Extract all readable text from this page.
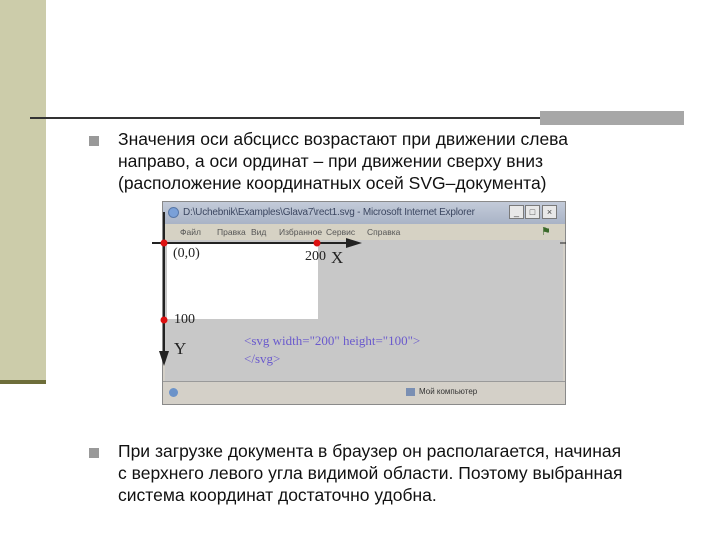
Значения оси абсцисс возрастают при движении слева
направо, а оси ординат – при движении сверху вниз
(расположение координатных осей SVG–документа)
D:\Uchebnik\Examples\Glava7\rect1.svg - Microsoft Internet Explorer	_	□	×
Файл Правка Вид Избранное Сервис Справка	⚑
Мой компьютер
(0,0)	200 X
100
Y	<svg width="200" height="100">
</svg>
При загрузке документа в браузер он располагается, начиная
с верхнего левого угла видимой области. Поэтому выбранная
система координат достаточно удобна.
